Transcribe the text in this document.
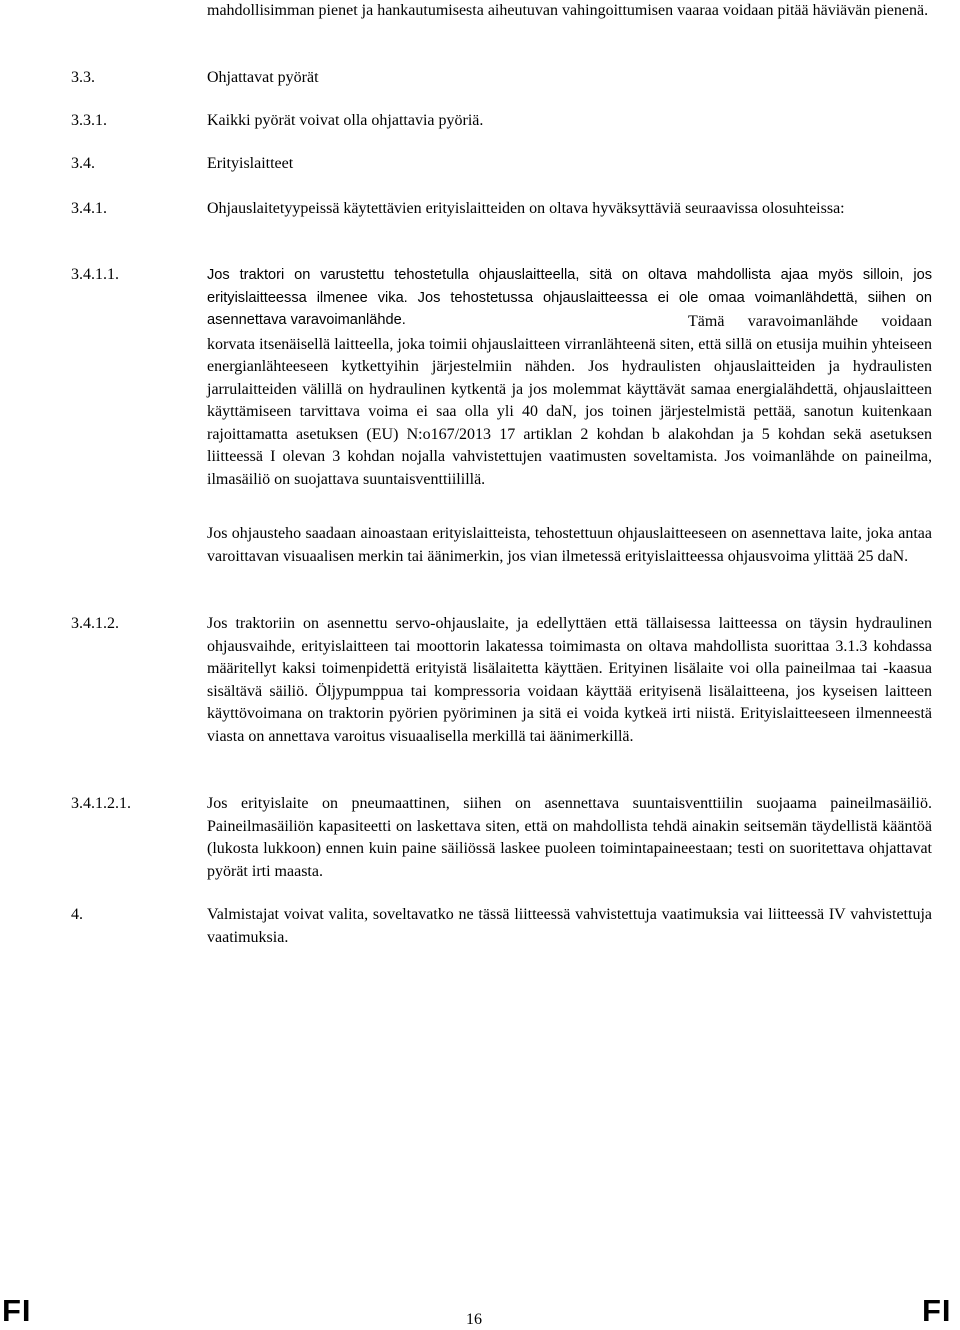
mahdollisimman pienet ja hankautumisesta aiheutuvan vahingoittumisen vaaraa voidaan pitää häviävän pienenä.
3.3.	Ohjattavat pyörät
3.3.1.	Kaikki pyörät voivat olla ohjattavia pyöriä.
3.4.	Erityislaitteet
3.4.1.	Ohjauslaitetyypeissä käytettävien erityislaitteiden on oltava hyväksyttäviä seuraavissa olosuhteissa:
3.4.1.1.	Jos traktori on varustettu tehostetulla ohjauslaitteella, sitä on oltava mahdollista ajaa myös silloin, jos erityislaitteessa ilmenee vika. Jos tehostetussa ohjauslaitteessa ei ole omaa voimanlähdettä, siihen on asennettava varavoimanlähde.	Tämä varavoimanlähde voidaan korvata itsenäisellä laitteella, joka toimii ohjauslaitteen virranlähteenä siten, että sillä on etusija muihin yhteiseen energianlähteeseen kytkettyihin järjestelmiin nähden. Jos hydraulisten ohjauslaitteiden ja hydraulisten jarrulaitteiden välillä on hydraulinen kytkentä ja jos molemmat käyttävät samaa energialähdettä, ohjauslaitteen käyttämiseen tarvittava voima ei saa olla yli 40 daN, jos toinen järjestelmistä pettää, sanotun kuitenkaan rajoittamatta asetuksen (EU) N:o167/2013 17 artiklan 2 kohdan b alakohdan ja 5 kohdan sekä asetuksen liitteessä I olevan 3 kohdan nojalla vahvistettujen vaatimusten soveltamista. Jos voimanlähde on paineilma, ilmasäiliö on suojattava suuntaisventtiilillä.
Jos ohjausteho saadaan ainoastaan erityislaitteista, tehostettuun ohjauslaitteeseen on asennettava laite, joka antaa varoittavan visuaalisen merkin tai äänimerkin, jos vian ilmetessä erityislaitteessa ohjausvoima ylittää 25 daN.
3.4.1.2.	Jos traktoriin on asennettu servo-ohjauslaite, ja edellyttäen että tällaisessa laitteessa on täysin hydraulinen ohjausvaihde, erityislaitteen tai moottorin lakatessa toimimasta on oltava mahdollista suorittaa 3.1.3 kohdassa määritellyt kaksi toimenpidettä erityistä lisälaitetta käyttäen. Erityinen lisälaite voi olla paineilmaa tai -kaasua sisältävä säiliö. Öljypumppua tai kompressoria voidaan käyttää erityisenä lisälaitteena, jos kyseisen laitteen käyttövoimana on traktorin pyörien pyöriminen ja sitä ei voida kytkeä irti niistä. Erityislaitteeseen ilmenneestä viasta on annettava varoitus visuaalisella merkillä tai äänimerkillä.
3.4.1.2.1.	Jos erityislaite on pneumaattinen, siihen on asennettava suuntaisventtiilin suojaama paineilmasäiliö. Paineilmasäiliön kapasiteetti on laskettava siten, että on mahdollista tehdä ainakin seitsemän täydellistä kääntöä (lukosta lukkoon) ennen kuin paine säiliössä laskee puoleen toimintapaineestaan; testi on suoritettava ohjattavat pyörät irti maasta.
4.	Valmistajat voivat valita, soveltavatko ne tässä liitteessä vahvistettuja vaatimuksia vai liitteessä IV vahvistettuja vaatimuksia.
FI	16	FI
